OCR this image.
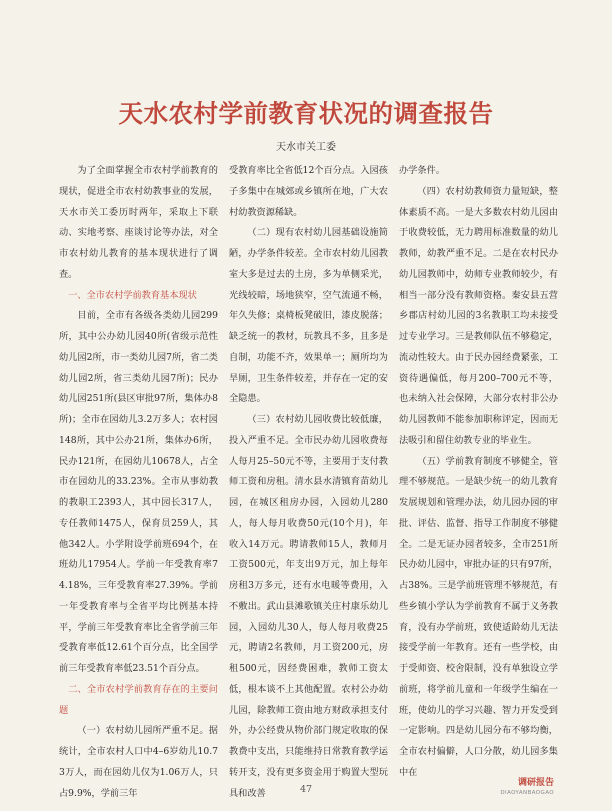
天水农村学前教育状况的调查报告
天水市关工委

为了全面掌握全市农村学前教育的现状，促进全市农村幼教事业的发展，天水市关工委历时两年，采取上下联动、实地考察、座谈讨论等办法，对全市农村幼儿教育的基本现状进行了调查。

一、全市农村学前教育基本现状

目前，全市有各级各类幼儿园299所，其中公办幼儿园40所(省级示范性幼儿园2所，市一类幼儿园7所，省二类幼儿园2所，省三类幼儿园7所)；民办幼儿园251所(县区审批97所，集体办8所)；全市在园幼儿3.2万多人；农村园148所，其中公办21所，集体办6所，民办121所，在园幼儿10678人，占全市在园幼儿的33.23%。全市从事幼教的教职工2393人，其中园长317人，专任教师1475人，保育员259人，其他342人。小学附设学前班694个，在班幼儿17954人。学前一年受教育率74.18%，三年受教育率27.39%。学前一年受教育率与全省平均比例基本持平，学前三年受教育率比全省学前三年受教育率低12.61个百分点，比全国学前三年受教育率低23.51个百分点。

二、全市农村学前教育存在的主要问题

（一）农村幼儿园所严重不足。据统计，全市农村人口中4–6岁幼儿10.73万人，而在园幼儿仅为1.06万人，只占9.9%，学前三年

受教育率比全省低12个百分点。入园孩子多集中在城郊或乡镇所在地，广大农村幼教资源稀缺。

（二）现有农村幼儿园基础设施简陋，办学条件较差。全市农村幼儿园教室大多是过去的土房，多为单侧采光，光线较暗，场地狭窄，空气流通不畅，年久失修；桌椅板凳破旧，漆皮脱落；缺乏统一的教材，玩教具不多，且多是自制，功能不齐，效果单一；厕所均为旱厕，卫生条件较差，并存在一定的安全隐患。

（三）农村幼儿园收费比较低廉，投入严重不足。全市民办幼儿园收费每人每月25–50元不等，主要用于支付教师工资和房租。清水县水清镇育苗幼儿园，在城区租房办园，入园幼儿280人，每人每月收费50元(10个月)，年收入14万元。聘请教师15人，教师月工资500元，年支出9万元，加上每年房租3万多元，还有水电暖等费用，入不敷出。武山县滩歌镇关庄村康乐幼儿园，入园幼儿30人，每人每月收费25元，聘请2名教师，月工资200元，房租500元，因经费困难，教师工资太低，根本谈不上其他配置。农村公办幼儿园，除教师工资由地方财政承担支付外，办公经费从物价部门规定收取的保教费中支出，只能维持日常教育教学运转开支，没有更多资金用于购置大型玩具和改善

办学条件。

（四）农村幼教师资力量短缺，整体素质不高。一是大多数农村幼儿园由于收费较低，无力聘用标准数量的幼儿教师，幼教严重不足。二是在农村民办幼儿园教师中，幼师专业教师较少，有相当一部分没有教师资格。秦安县五营乡郡店村幼儿园的3名教职工均未接受过专业学习。三是教师队伍不够稳定，流动性较大。由于民办园经费紧张，工资待遇偏低，每月200–700元不等，也未纳入社会保障，大部分农村非公办幼儿园教师不能参加职称评定，因而无法吸引和留住幼教专业的毕业生。

（五）学前教育制度不够健全，管理不够规范。一是缺少统一的幼儿教育发展规划和管理办法，幼儿园办园的审批、评估、监督、指导工作制度不够健全。二是无证办园者较多，全市251所民办幼儿园中，审批办证的只有97所，占38%。三是学前班管理不够规范，有些乡镇小学认为学前教育不属于义务教育，没有办学前班，致使适龄幼儿无法接受学前一年教育。还有一些学校，由于受师资、校舍限制，没有单独设立学前班，将学前儿童和一年级学生编在一班，使幼儿的学习兴趣、智力开发受到一定影响。四是幼儿园分布不够均衡，全市农村偏僻，人口分散，幼儿园多集中在

47
调研报告
DIAOYANBAOGAO
